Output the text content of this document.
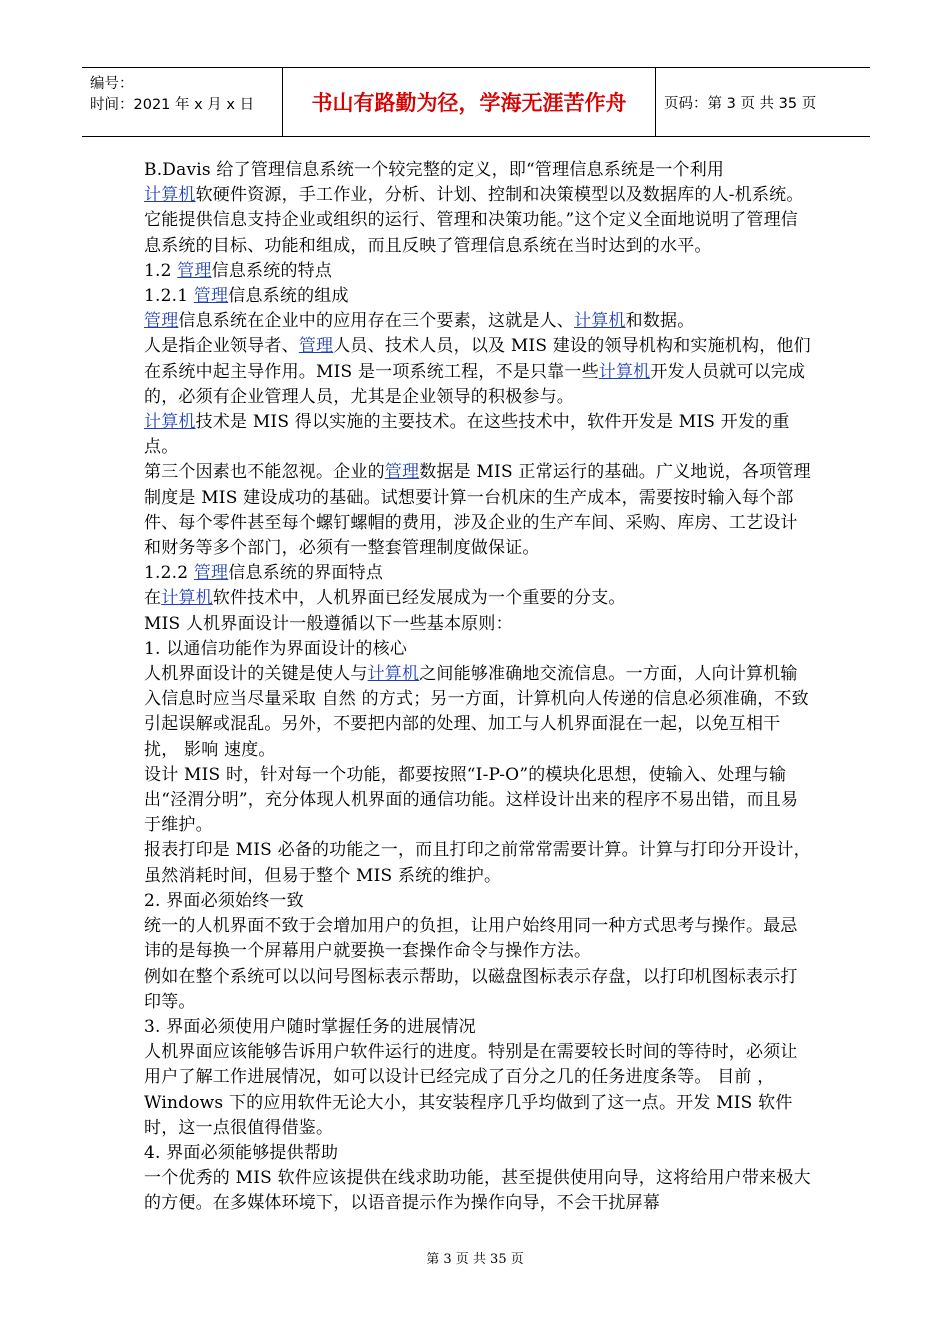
编号：
时间：2021 年 x 月 x 日	书山有路勤为径，学海无涯苦作舟	页码：第 3 页 共 35 页

B.Davis 给了管理信息系统一个较完整的定义，即“管理信息系统是一个利用

计算机软硬件资源，手工作业，分析、计划、控制和决策模型以及数据库的人-机系统。它能提供信息支持企业或组织的运行、管理和决策功能。”这个定义全面地说明了管理信息系统的目标、功能和组成，而且反映了管理信息系统在当时达到的水平。

1.2 管理信息系统的特点

1.2.1 管理信息系统的组成

管理信息系统在企业中的应用存在三个要素，这就是人、计算机和数据。

人是指企业领导者、管理人员、技术人员，以及 MIS 建设的领导机构和实施机构，他们在系统中起主导作用。MIS 是一项系统工程，不是只靠一些计算机开发人员就可以完成的，必须有企业管理人员，尤其是企业领导的积极参与。

计算机技术是 MIS 得以实施的主要技术。在这些技术中，软件开发是 MIS 开发的重点。

第三个因素也不能忽视。企业的管理数据是 MIS 正常运行的基础。广义地说，各项管理制度是 MIS 建设成功的基础。试想要计算一台机床的生产成本，需要按时输入每个部件、每个零件甚至每个螺钉螺帽的费用，涉及企业的生产车间、采购、库房、工艺设计和财务等多个部门，必须有一整套管理制度做保证。

1.2.2 管理信息系统的界面特点

在计算机软件技术中，人机界面已经发展成为一个重要的分支。

MIS 人机界面设计一般遵循以下一些基本原则：

1. 以通信功能作为界面设计的核心

人机界面设计的关键是使人与计算机之间能够准确地交流信息。一方面，人向计算机输入信息时应当尽量采取 自然 的方式；另一方面，计算机向人传递的信息必须准确，不致引起误解或混乱。另外，不要把内部的处理、加工与人机界面混在一起，以免互相干扰， 影响 速度。

设计 MIS 时，针对每一个功能，都要按照“I-P-O”的模块化思想，使输入、处理与输出“泾渭分明”，充分体现人机界面的通信功能。这样设计出来的程序不易出错，而且易于维护。

报表打印是 MIS 必备的功能之一，而且打印之前常常需要计算。计算与打印分开设计，虽然消耗时间，但易于整个 MIS 系统的维护。

2. 界面必须始终一致

统一的人机界面不致于会增加用户的负担，让用户始终用同一种方式思考与操作。最忌讳的是每换一个屏幕用户就要换一套操作命令与操作方法。

例如在整个系统可以以问号图标表示帮助，以磁盘图标表示存盘，以打印机图标表示打印等。

3. 界面必须使用户随时掌握任务的进展情况

人机界面应该能够告诉用户软件运行的进度。特别是在需要较长时间的等待时，必须让用户了解工作进展情况，如可以设计已经完成了百分之几的任务进度条等。 目前 ，Windows 下的应用软件无论大小，其安装程序几乎均做到了这一点。开发 MIS 软件时，这一点很值得借鉴。

4. 界面必须能够提供帮助

一个优秀的 MIS 软件应该提供在线求助功能，甚至提供使用向导，这将给用户带来极大的方便。在多媒体环境下，以语音提示作为操作向导，不会干扰屏幕

第 3 页 共 35 页
